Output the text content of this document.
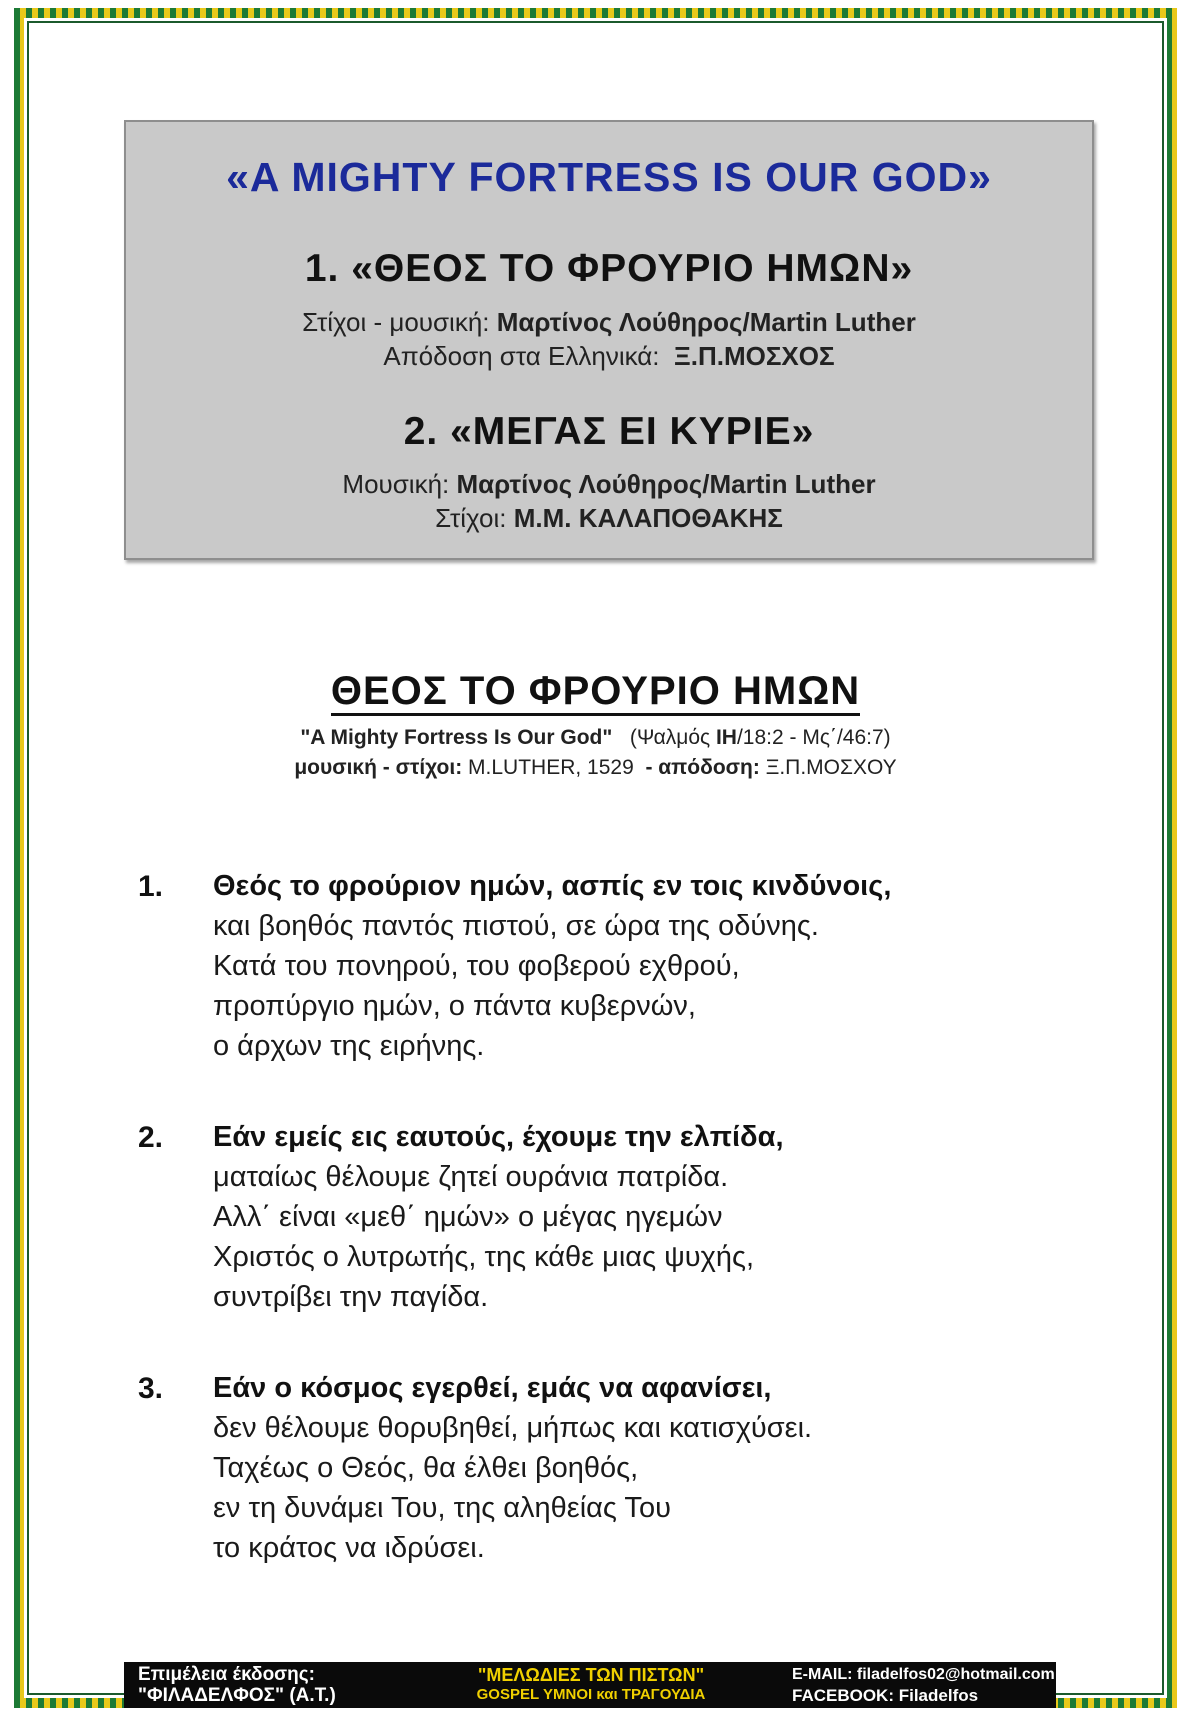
«A MIGHTY FORTRESS IS OUR GOD»
1. «ΘΕΟΣ ΤΟ ΦΡΟΥΡΙΟ ΗΜΩΝ»
Στίχοι - μουσική: Μαρτίνος Λούθηρος/Martin Luther
Απόδοση στα Ελληνικά: Ξ.Π.ΜΟΣΧΟΣ
2. «ΜΕΓΑΣ ΕΙ ΚΥΡΙΕ»
Μουσική: Μαρτίνος Λούθηρος/Martin Luther
Στίχοι: Μ.Μ. ΚΑΛΑΠΟΘΑΚΗΣ
ΘΕΟΣ ΤΟ ΦΡΟΥΡΙΟ ΗΜΩΝ
"A Mighty Fortress Is Our God" (Ψαλμός ΙΗ/18:2 - Μς΄/46:7)
μουσική - στίχοι: M.LUTHER, 1529 - απόδοση: Ξ.Π.ΜΟΣΧΟΥ
1. Θεός το φρούριον ημών, ασπίς εν τοις κινδύνοις,
και βοηθός παντός πιστού, σε ώρα της οδύνης.
Κατά του πονηρού, του φοβερού εχθρού,
προπύργιο ημών, ο πάντα κυβερνών,
ο άρχων της ειρήνης.
2. Εάν εμείς εις εαυτούς, έχουμε την ελπίδα,
ματαίως θέλουμε ζητεί ουράνια πατρίδα.
Αλλ΄ είναι «μεθ΄ ημών» ο μέγας ηγεμών
Χριστός ο λυτρωτής, της κάθε μιας ψυχής,
συντρίβει την παγίδα.
3. Εάν ο κόσμος εγερθεί, εμάς να αφανίσει,
δεν θέλουμε θορυβηθεί, μήπως και κατισχύσει.
Ταχέως ο Θεός, θα έλθει βοηθός,
εν τη δυνάμει Του, της αληθείας Του
το κράτος να ιδρύσει.
Επιμέλεια έκδοσης:
"ΦΙΛΑΔΕΛΦΟΣ" (Α.Τ.)
"ΜΕΛΩΔΙΕΣ ΤΩΝ ΠΙΣΤΩΝ"
GOSPEL ΥΜΝΟΙ και ΤΡΑΓΟΥΔΙΑ
E-MAIL: filadelfos02@hotmail.com
FACEBOOK: Filadelfos
